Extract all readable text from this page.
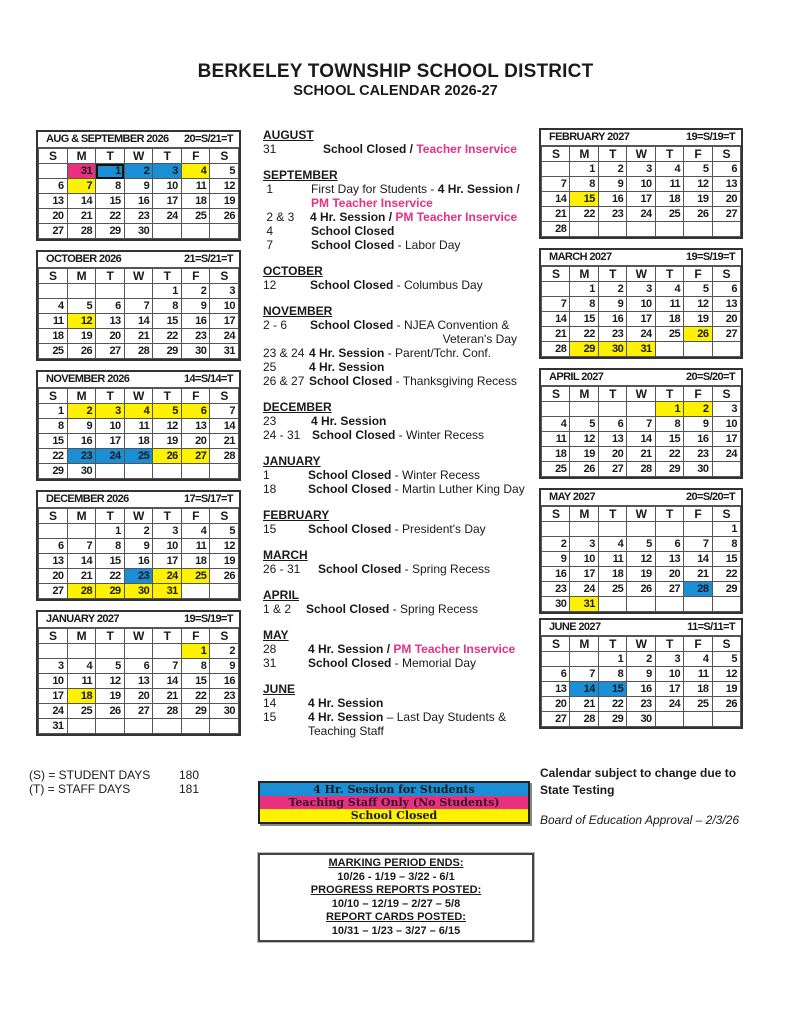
BERKELEY TOWNSHIP SCHOOL DISTRICT
SCHOOL CALENDAR 2026-27
AUG & SEPTEMBER 2026 20=S/21=T
S	M	T	W	T	F	S
	31	1	2	3	4	5
6	7	8	9	10	11	12
13	14	15	16	17	18	19
20	21	22	23	24	25	26
27	28	29	30			
OCTOBER 2026	21=S/21=T
S	M	T	W	T	F	S
				1	2	3
4	5	6	7	8	9	10
11	12	13	14	15	16	17
18	19	20	21	22	23	24
25	26	27	28	29	30	31
NOVEMBER 2026	14=S/14=T
S	M	T	W	T	F	S
1	2	3	4	5	6	7
8	9	10	11	12	13	14
15	16	17	18	19	20	21
22	23	24	25	26	27	28
29	30					
DECEMBER 2026	17=S/17=T
S	M	T	W	T	F	S
		1	2	3	4	5
6	7	8	9	10	11	12
13	14	15	16	17	18	19
20	21	22	23	24	25	26
27	28	29	30	31		
JANUARY 2027	19=S/19=T
S	M	T	W	T	F	S
					1	2
3	4	5	6	7	8	9
10	11	12	13	14	15	16
17	18	19	20	21	22	23
24	25	26	27	28	29	30
31						
FEBRUARY 2027	19=S/19=T
S	M	T	W	T	F	S
	1	2	3	4	5	6
7	8	9	10	11	12	13
14	15	16	17	18	19	20
21	22	23	24	25	26	27
28						
MARCH 2027	19=S/19=T
S	M	T	W	T	F	S
	1	2	3	4	5	6
7	8	9	10	11	12	13
14	15	16	17	18	19	20
21	22	23	24	25	26	27
28	29	30	31			
APRIL 2027	20=S/20=T
S	M	T	W	T	F	S
				1	2	3
4	5	6	7	8	9	10
11	12	13	14	15	16	17
18	19	20	21	22	23	24
25	26	27	28	29	30	
MAY 2027	20=S/20=T
S	M	T	W	T	F	S
						1
2	3	4	5	6	7	8
9	10	11	12	13	14	15
16	17	18	19	20	21	22
23	24	25	26	27	28	29
30	31					
JUNE 2027	11=S/11=T
S	M	T	W	T	F	S
		1	2	3	4	5
6	7	8	9	10	11	12
13	14	15	16	17	18	19
20	21	22	23	24	25	26
27	28	29	30			
AUGUST
31	School Closed / Teacher Inservice
SEPTEMBER
1	First Day for Students - 4 Hr. Session /
PM Teacher Inservice
2 & 3	4 Hr. Session / PM Teacher Inservice
4	School Closed
7	School Closed - Labor Day
OCTOBER
12	School Closed - Columbus Day
NOVEMBER
2 - 6	School Closed - NJEA Convention &
Veteran's Day
23 & 24 4 Hr. Session - Parent/Tchr. Conf.
25	4 Hr. Session
26 & 27 School Closed - Thanksgiving Recess
DECEMBER
23	4 Hr. Session
24 - 31 School Closed - Winter Recess
JANUARY
1	School Closed - Winter Recess
18	School Closed - Martin Luther King Day
FEBRUARY
15	School Closed - President's Day
MARCH
26 - 31	School Closed - Spring Recess
APRIL
1 & 2	School Closed - Spring Recess
MAY
28	4 Hr. Session / PM Teacher Inservice
31	School Closed - Memorial Day
JUNE
14	4 Hr. Session
15	4 Hr. Session – Last Day Students & Teaching Staff
(S) = STUDENT DAYS	180
(T) = STAFF DAYS	181	4 Hr. Session for Students
Teaching Staff Only (No Students)
School Closed
Calendar subject to change due to
State Testing
Board of Education Approval – 2/3/26
MARKING PERIOD ENDS:
10/26 - 1/19 – 3/22 - 6/1
PROGRESS REPORTS POSTED:
10/10 – 12/19 – 2/27 – 5/8
REPORT CARDS POSTED:
10/31 – 1/23 – 3/27 – 6/15
